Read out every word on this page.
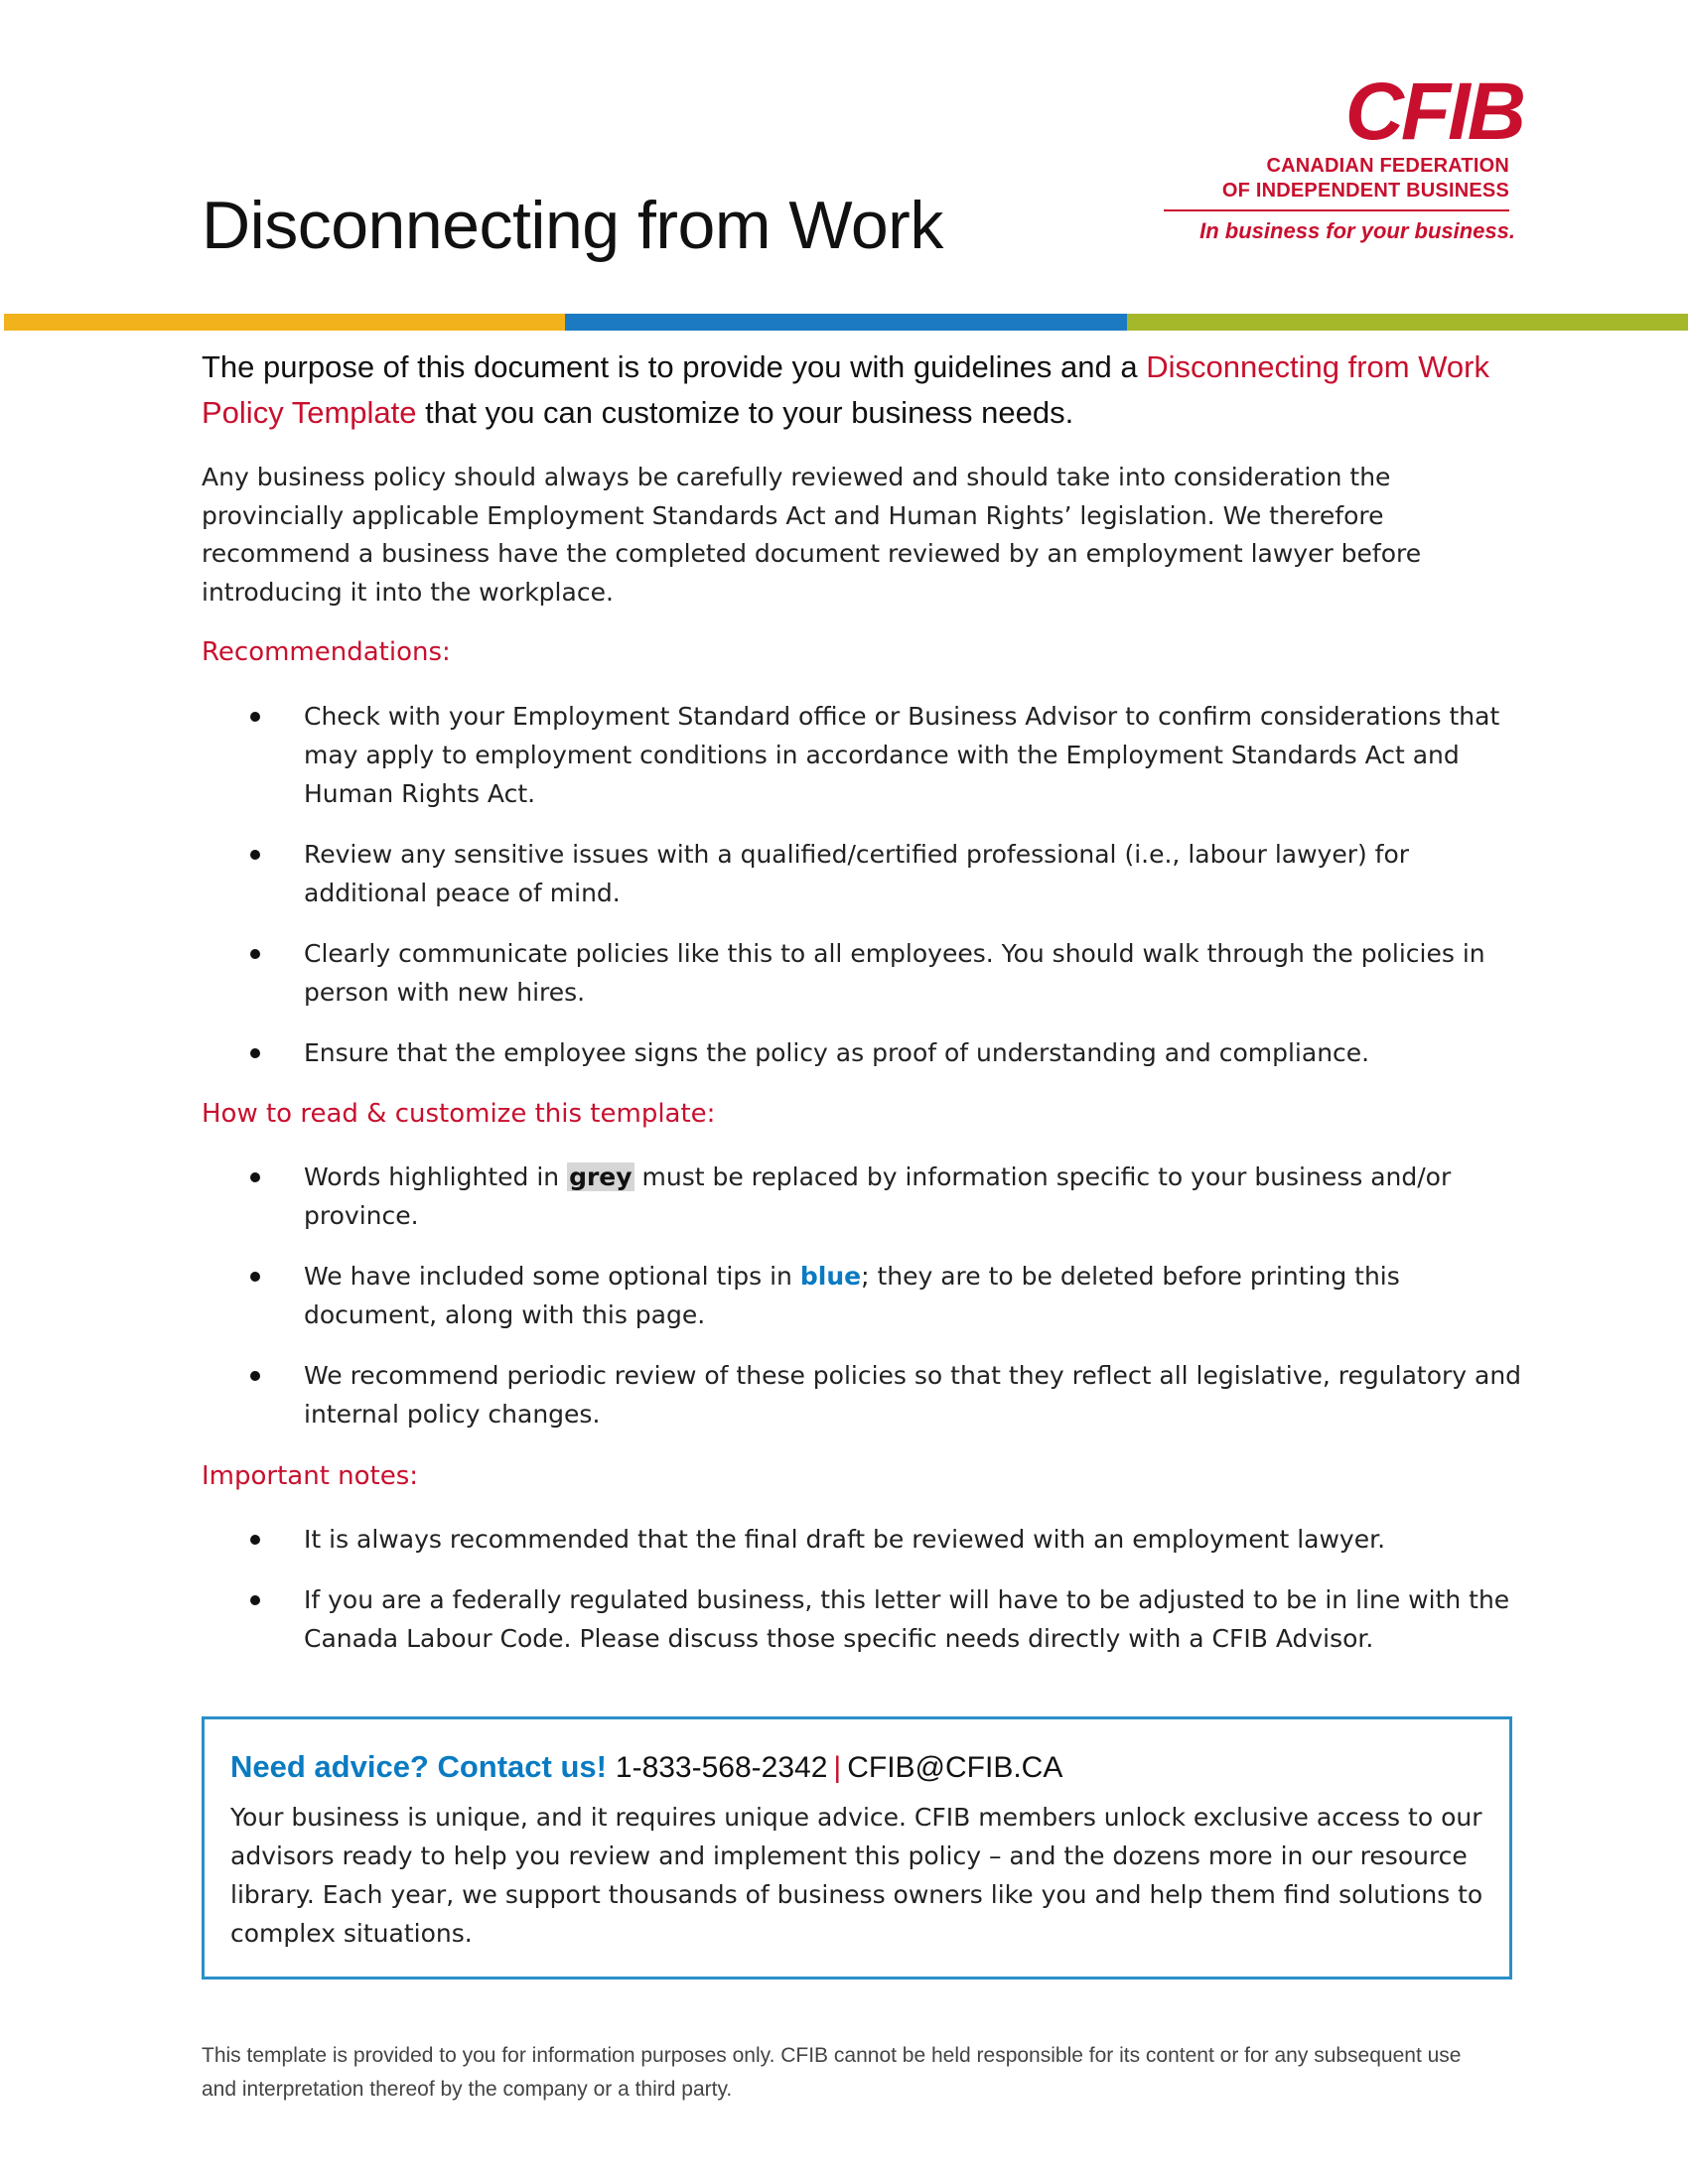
Disconnecting from Work
CFIB
CANADIAN FEDERATION
OF INDEPENDENT BUSINESS
In business for your business.
The purpose of this document is to provide you with guidelines and a Disconnecting from Work Policy Template that you can customize to your business needs.
Any business policy should always be carefully reviewed and should take into consideration the provincially applicable Employment Standards Act and Human Rights’ legislation. We therefore recommend a business have the completed document reviewed by an employment lawyer before introducing it into the workplace.
Recommendations:
Check with your Employment Standard office or Business Advisor to confirm considerations that may apply to employment conditions in accordance with the Employment Standards Act and Human Rights Act.
Review any sensitive issues with a qualified/certified professional (i.e., labour lawyer) for additional peace of mind.
Clearly communicate policies like this to all employees. You should walk through the policies in person with new hires.
Ensure that the employee signs the policy as proof of understanding and compliance.
How to read & customize this template:
Words highlighted in grey must be replaced by information specific to your business and/or province.
We have included some optional tips in blue; they are to be deleted before printing this document, along with this page.
We recommend periodic review of these policies so that they reflect all legislative, regulatory and internal policy changes.
Important notes:
It is always recommended that the final draft be reviewed with an employment lawyer.
If you are a federally regulated business, this letter will have to be adjusted to be in line with the Canada Labour Code. Please discuss those specific needs directly with a CFIB Advisor.
Need advice? Contact us! 1-833-568-2342 | CFIB@CFIB.CA
Your business is unique, and it requires unique advice. CFIB members unlock exclusive access to our advisors ready to help you review and implement this policy – and the dozens more in our resource library. Each year, we support thousands of business owners like you and help them find solutions to complex situations.
This template is provided to you for information purposes only. CFIB cannot be held responsible for its content or for any subsequent use and interpretation thereof by the company or a third party.
